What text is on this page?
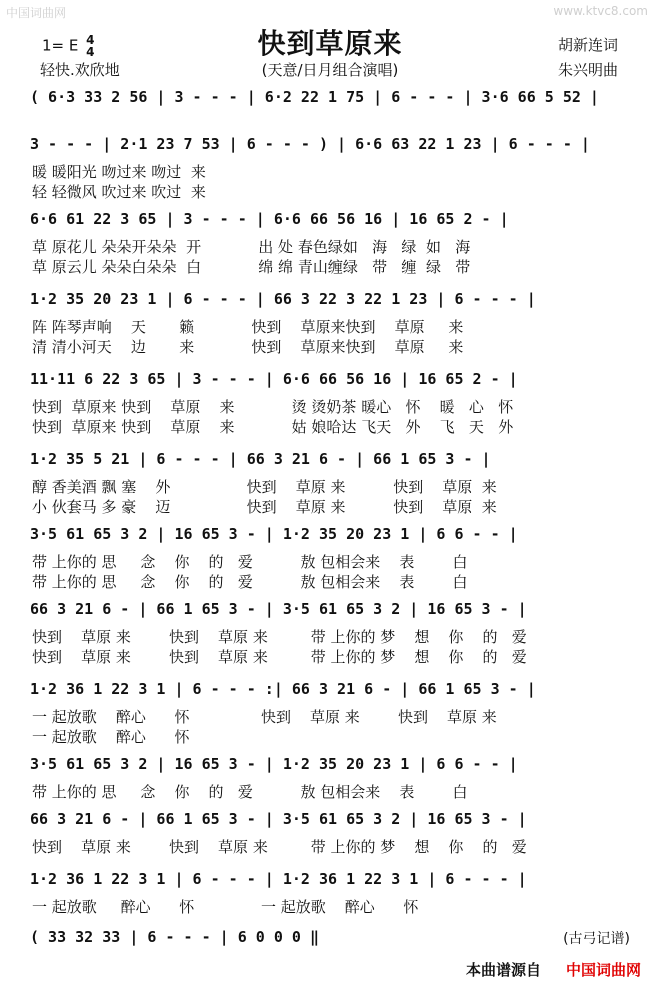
中国词曲网	www.ktvc8.com
快到草原来
1= E 4
4
轻快.欢欣地	(天意/日月组合演唱)
胡新连词
朱兴明曲
( 6·3 33 2 56 | 3 - - - | 6·2 22 1 75 | 6 - - - | 3·6 66 5 52 |
3 - - - | 2·1 23 7 53 | 6 - - - ) | 6·6 63 22 1 23 | 6 - - - |
暖 暖阳光 吻过来 吻过  来
轻 轻微风 吹过来 吹过  来
6·6 61 22 3 65 | 3 - - - | 6·6 66 56 16 | 16 65 2 - |
草 原花儿 朵朵开朵朵  开            出 处 春色绿如   海   绿  如   海
草 原云儿 朵朵白朵朵  白            绵 绵 青山缠绿   带   缠  绿   带
1·2 35 20 23 1 | 6 - - - | 66 3 22 3 22 1 23 | 6 - - - |
阵 阵琴声响    天       籁            快到    草原来快到    草原     来
清 清小河天    边       来            快到    草原来快到    草原     来
11·11 6 22 3 65 | 3 - - - | 6·6 66 56 16 | 16 65 2 - |
快到  草原来 快到    草原    来            烫 烫奶茶 暖心   怀    暖   心   怀
快到  草原来 快到    草原    来            姑 娘哈达 飞天   外    飞   天   外
1·2 35 5 21 | 6 - - - | 66 3 21 6 - | 66 1 65 3 - |
醇 香美酒 飘 塞    外                快到    草原 来          快到    草原  来
小 伙套马 多 豪    迈                快到    草原 来          快到    草原  来
3·5 61 65 3 2 | 16 65 3 - | 1·2 35 20 23 1 | 6 6 - - |
带 上你的 思     念    你    的   爱          敖 包相会来    表        白
带 上你的 思     念    你    的   爱          敖 包相会来    表        白
66 3 21 6 - | 66 1 65 3 - | 3·5 61 65 3 2 | 16 65 3 - |
快到    草原 来        快到    草原 来         带 上你的 梦    想    你    的   爱
快到    草原 来        快到    草原 来         带 上你的 梦    想    你    的   爱
1·2 36 1 22 3 1 | 6 - - - :| 66 3 21 6 - | 66 1 65 3 - |
一 起放歌    醉心      怀               快到    草原 来        快到    草原 来
一 起放歌    醉心      怀
3·5 61 65 3 2 | 16 65 3 - | 1·2 35 20 23 1 | 6 6 - - |
带 上你的 思     念    你    的   爱          敖 包相会来    表        白
66 3 21 6 - | 66 1 65 3 - | 3·5 61 65 3 2 | 16 65 3 - |
快到    草原 来        快到    草原 来         带 上你的 梦    想    你    的   爱
1·2 36 1 22 3 1 | 6 - - - | 1·2 36 1 22 3 1 | 6 - - - |
一 起放歌     醉心      怀              一 起放歌    醉心      怀
( 33 32 33 | 6 - - - | 6 0 0 0 ‖	(古弓记谱)
本曲谱源自 中国词曲网
